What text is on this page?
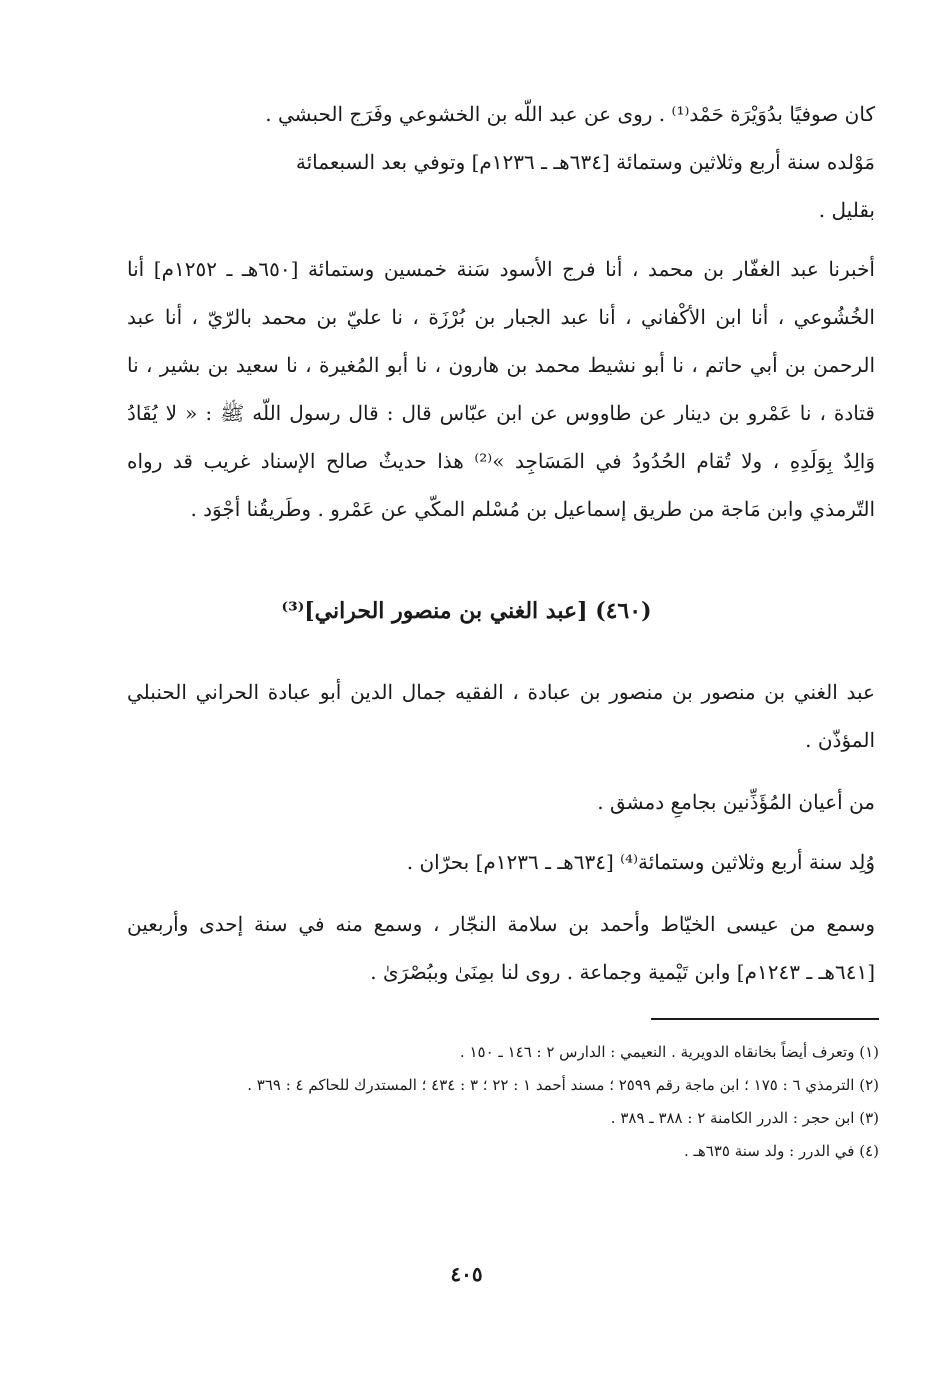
كان صوفيًا بدُوَيْرَة حَمْد⁽¹⁾ . روى عن عبد اللّه بن الخشوعي وفَرَج الحبشي .

مَوْلده سنة أربع وثلاثين وستمائة [٦٣٤هـ ـ ١٢٣٦م] وتوفي بعد السبعمائة

بقليل .

أخبرنا عبد الغفّار بن محمد ، أنا فرج الأسود سَنة خمسين وستمائة [٦٥٠هـ ـ ١٢٥٢م] أنا الخُشُوعي ، أنا ابن الأكْفاني ، أنا عبد الجبار بن بُرْزَة ، نا عليّ بن محمد بالرّيّ ، أنا عبد الرحمن بن أبي حاتم ، نا أبو نشيط محمد بن هارون ، نا أبو المُغيرة ، نا سعيد بن بشير ، نا قتادة ، نا عَمْرو بن دينار عن طاووس عن ابن عبّاس قال : قال رسول اللّه ﷺ : « لا يُقَادُ وَالِدٌ بِوَلَدِهِ ، ولا تُقام الحُدُودُ في المَسَاجِد »⁽²⁾ هذا حديثٌ صالح الإسناد غريب قد رواه التّرمذي وابن مَاجة من طريق إسماعيل بن مُسْلم المكّي عن عَمْرو . وطَريقُنا أجْوَد .

(٤٦٠) [عبد الغني بن منصور الحراني]⁽³⁾

عبد الغني بن منصور بن منصور بن عبادة ، الفقيه جمال الدين أبو عبادة الحراني الحنبلي المؤذّن .

من أعيان المُؤَذِّنين بجامعِ دمشق .

وُلِد سنة أربع وثلاثين وستمائة⁽⁴⁾ [٦٣٤هـ ـ ١٢٣٦م] بحرّان .

وسمع من عيسى الخيّاط وأحمد بن سلامة النجّار ، وسمع منه في سنة إحدى وأربعين [٦٤١هـ ـ ١٢٤٣م] وابن تَيْمية وجماعة . روى لنا بمِنَىٰ وببُصْرَىٰ .

(١) وتعرف أيضاً بخانقاه الدويرية . النعيمي : الدارس ٢ : ١٤٦ ـ ١٥٠ .

(٢) الترمذي ٦ : ١٧٥ ؛ ابن ماجة رقم ٢٥٩٩ ؛ مسند أحمد ١ : ٢٢ ؛ ٣ : ٤٣٤ ؛ المستدرك للحاكم ٤ : ٣٦٩ .

(٣) ابن حجر : الدرر الكامنة ٢ : ٣٨٨ ـ ٣٨٩ .

(٤) في الدرر : ولد سنة ٦٣٥هـ .

٤٠٥
